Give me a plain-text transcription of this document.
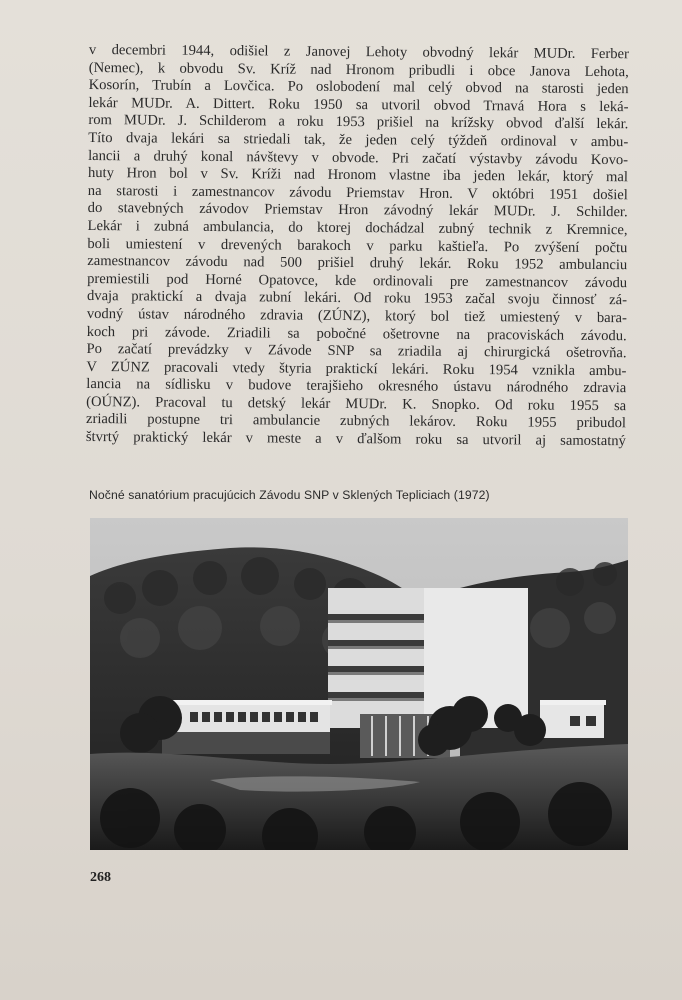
v decembri 1944, odišiel z Janovej Lehoty obvodný lekár MUDr. Ferber
(Nemec), k obvodu Sv. Kríž nad Hronom pribudli i obce Janova Lehota,
Kosorín, Trubín a Lovčica. Po oslobodení mal celý obvod na starosti jeden
lekár MUDr. A. Dittert. Roku 1950 sa utvoril obvod Trnavá Hora s leká-
rom MUDr. J. Schilderom a roku 1953 prišiel na krížsky obvod ďalší lekár.
Títo dvaja lekári sa striedali tak, že jeden celý týždeň ordinoval v ambu-
lancii a druhý konal návštevy v obvode. Pri začatí výstavby závodu Kovo-
huty Hron bol v Sv. Kríži nad Hronom vlastne iba jeden lekár, ktorý mal
na starosti i zamestnancov závodu Priemstav Hron. V októbri 1951 došiel
do stavebných závodov Priemstav Hron závodný lekár MUDr. J. Schilder.
Lekár i zubná ambulancia, do ktorej dochádzal zubný technik z Kremnice,
boli umiestení v drevených barakoch v parku kaštieľa. Po zvýšení počtu
zamestnancov závodu nad 500 prišiel druhý lekár. Roku 1952 ambulanciu
premiestili pod Horné Opatovce, kde ordinovali pre zamestnancov závodu
dvaja praktickí a dvaja zubní lekári. Od roku 1953 začal svoju činnosť zá-
vodný ústav národného zdravia (ZÚNZ), ktorý bol tiež umiestený v bara-
koch pri závode. Zriadili sa pobočné ošetrovne na pracoviskách závodu.
Po začatí prevádzky v Závode SNP sa zriadila aj chirurgická ošetrovňa.
V ZÚNZ pracovali vtedy štyria praktickí lekári. Roku 1954 vznikla ambu-
lancia na sídlisku v budove terajšieho okresného ústavu národného zdravia
(OÚNZ). Pracoval tu detský lekár MUDr. K. Snopko. Od roku 1955 sa
zriadili postupne tri ambulancie zubných lekárov. Roku 1955 pribudol
štvrtý praktický lekár v meste a v ďalšom roku sa utvoril aj samostatný
Nočné sanatórium pracujúcich Závodu SNP v Sklených Tepliciach (1972)
268
